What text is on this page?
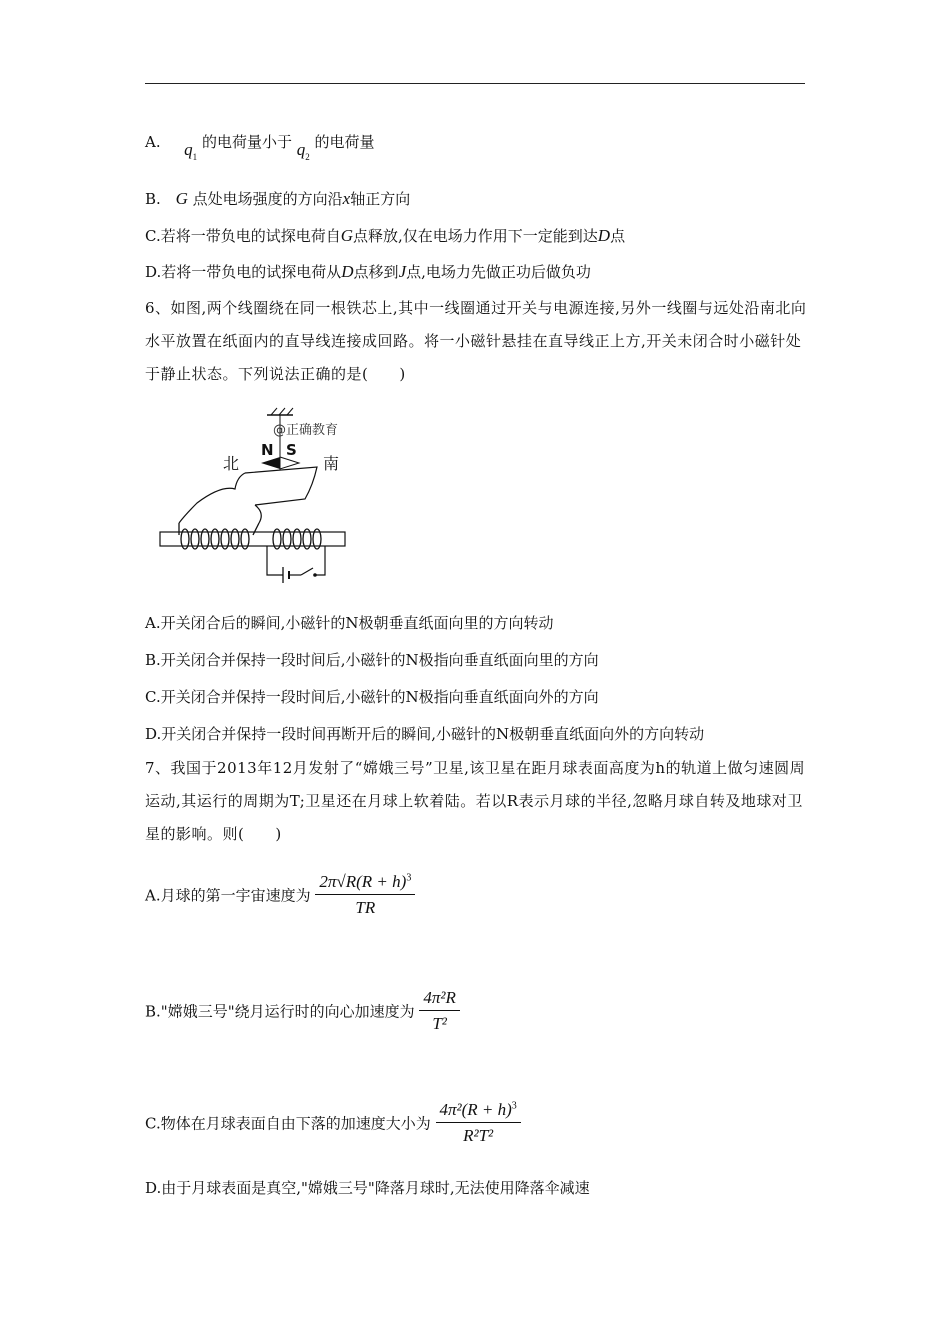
A. $q_1$ 的电荷量小于 $q_2$ 的电荷量
B. G 点处电场强度的方向沿x轴正方向
C.若将一带负电的试探电荷自G点释放,仅在电场力作用下一定能到达D点
D.若将一带负电的试探电荷从D点移到J点,电场力先做正功后做负功
6、如图,两个线圈绕在同一根铁芯上,其中一线圈通过开关与电源连接,另外一线圈与远处沿南北向水平放置在纸面内的直导线连接成回路。将一小磁针悬挂在直导线正上方,开关未闭合时小磁针处于静止状态。下列说法正确的是(　　)
@正确教育
N S
北	南
A.开关闭合后的瞬间,小磁针的N极朝垂直纸面向里的方向转动
B.开关闭合并保持一段时间后,小磁针的N极指向垂直纸面向里的方向
C.开关闭合并保持一段时间后,小磁针的N极指向垂直纸面向外的方向
D.开关闭合并保持一段时间再断开后的瞬间,小磁针的N极朝垂直纸面向外的方向转动
7、我国于2013年12月发射了“嫦娥三号”卫星,该卫星在距月球表面高度为h的轨道上做匀速圆周运动,其运行的周期为T;卫星还在月球上软着陆。若以R表示月球的半径,忽略月球自转及地球对卫星的影响。则(　　)
A.月球的第一宇宙速度为 $\frac{2\pi√R(R + h)^3}{TR}$
B."嫦娥三号"绕月运行时的向心加速度为 $\frac{\text{4π²R}}{\text{T²}}$
C.物体在月球表面自由下落的加速度大小为 $\frac{4\pi^2(R + h)^3}{\text{R²T²}}$
D.由于月球表面是真空,"嫦娥三号"降落月球时,无法使用降落伞减速
